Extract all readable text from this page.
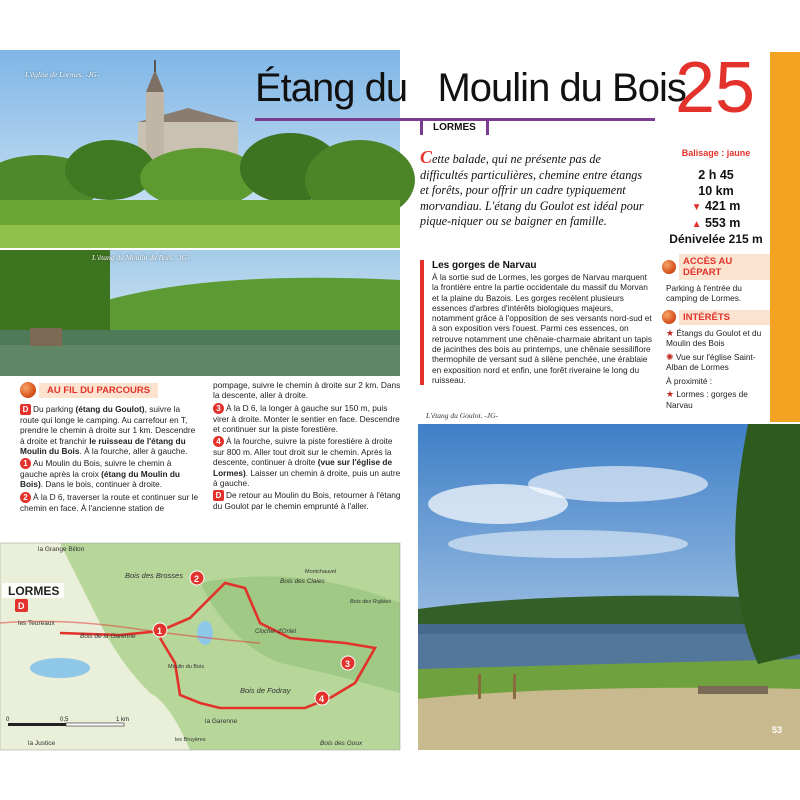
L'église de Lormes. -JG-
L'étang du Moulin du Bois. -JG-
Étang du   Moulin du Bois
LORMES	25
Cette balade, qui ne présente pas de difficultés particulières, chemine entre étangs et forêts, pour offrir un cadre typiquement morvandiau. L'étang du Goulot est idéal pour pique-niquer ou se baigner en famille.
Balisage : jaune
2 h 45
10 km
▼ 421 m
▲ 553 m
Dénivelée 215 m
ACCÈS AU DÉPART
Parking à l'entrée du camping de Lormes.
INTÉRÊTS
★ Étangs du Goulot et du Moulin des Bois
✺ Vue sur l'église Saint-Alban de Lormes
À proximité :
★ Lormes : gorges de Narvau
Les gorges de Narvau

À la sortie sud de Lormes, les gorges de Narvau marquent la frontière entre la partie occidentale du massif du Morvan et la plaine du Bazois. Les gorges recèlent plusieurs essences d'arbres d'intérêts biologiques majeurs, notamment grâce à l'opposition de ses versants nord-sud et à son exposition vers l'ouest. Parmi ces essences, on retrouve notamment une chênaie-charmaie abritant un tapis de jacinthes des bois au printemps, une chênaie sessiliflore thermophile de versant sud à silène penchée, une érablaie en exposition nord et enfin, une forêt riveraine le long du ruisseau.

AU FIL DU PARCOURS
D Du parking (étang du Goulot), suivre la route qui longe le camping. Au carrefour en T, prendre le chemin à droite sur 1 km. Descendre à droite et franchir le ruisseau de l'étang du Moulin du Bois. À la fourche, aller à gauche.
1 Au Moulin du Bois, suivre le chemin à gauche après la croix (étang du Moulin du Bois). Dans le bois, continuer à droite.
2 À la D 6, traverser la route et continuer sur le chemin en face. À l'ancienne station de
pompage, suivre le chemin à droite sur 2 km. Dans la descente, aller à droite.
3 À la D 6, la longer à gauche sur 150 m, puis virer à droite. Monter le sentier en face. Descendre et continuer sur la piste forestière.
4 À la fourche, suivre la piste forestière à droite sur 800 m. Aller tout droit sur le chemin. Après la descente, continuer à droite (vue sur l'église de Lormes). Laisser un chemin à droite, puis un autre à gauche.
D De retour au Moulin du Bois, retourner à l'étang du Goulot par le chemin emprunté à l'aller.
la Grange Billon
les Teureaux
Bois des Brosses
Bois des Claies
Bois de la Garenne
Moulin du Bois
Bois de Fodray
la Garenne
les Bruyères
la Justice	Bois des Goux
Montchauvel
Bois des Rojlées
Clocher d'Onlet
LORMES
D
1
2
3
4
0	0,5	1 km
L'étang du Goulot. -JG-
53
